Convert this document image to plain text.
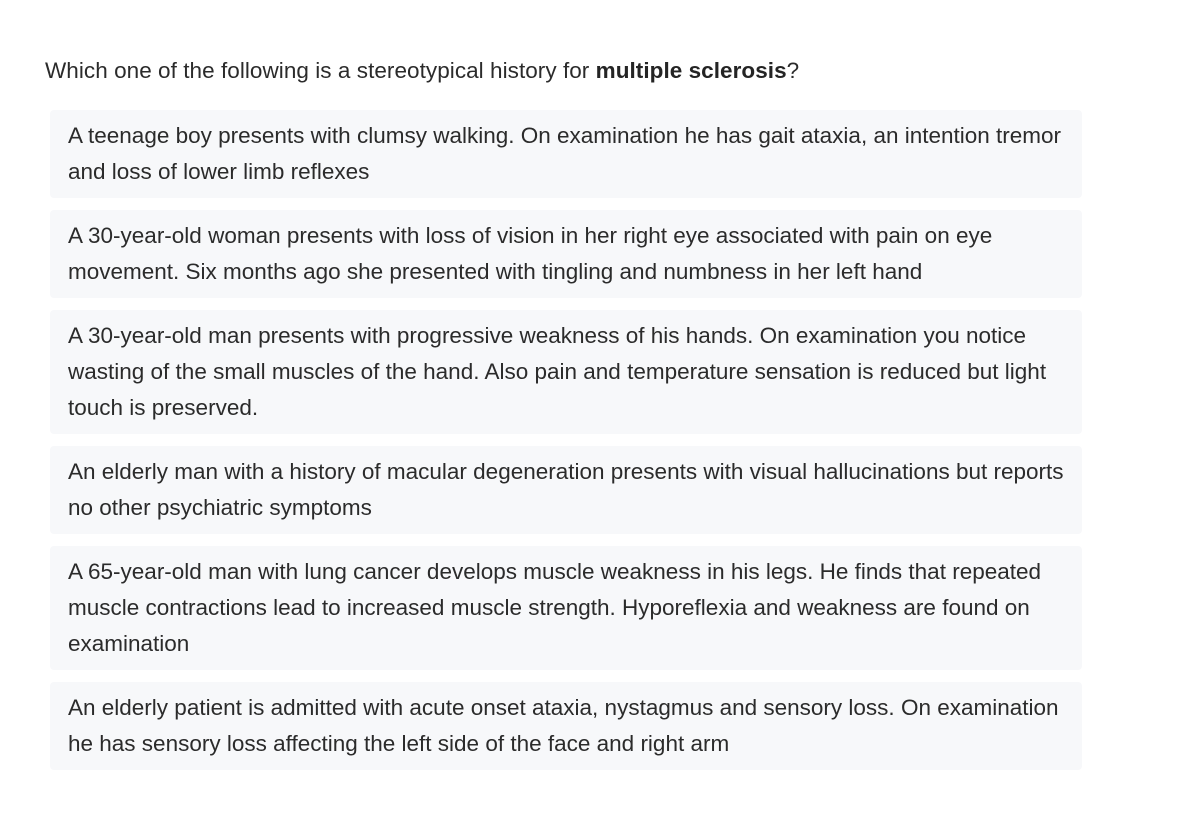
Which one of the following is a stereotypical history for multiple sclerosis?
A teenage boy presents with clumsy walking. On examination he has gait ataxia, an intention tremor and loss of lower limb reflexes
A 30-year-old woman presents with loss of vision in her right eye associated with pain on eye movement. Six months ago she presented with tingling and numbness in her left hand
A 30-year-old man presents with progressive weakness of his hands. On examination you notice wasting of the small muscles of the hand. Also pain and temperature sensation is reduced but light touch is preserved.
An elderly man with a history of macular degeneration presents with visual hallucinations but reports no other psychiatric symptoms
A 65-year-old man with lung cancer develops muscle weakness in his legs. He finds that repeated muscle contractions lead to increased muscle strength. Hyporeflexia and weakness are found on examination
An elderly patient is admitted with acute onset ataxia, nystagmus and sensory loss. On examination he has sensory loss affecting the left side of the face and right arm
